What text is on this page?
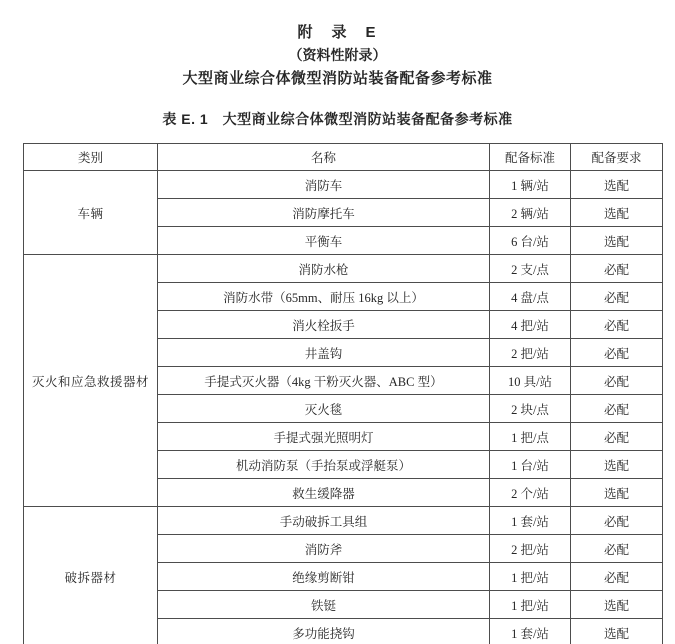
附　录　E
（资料性附录）
大型商业综合体微型消防站装备配备参考标准
表 E. 1　大型商业综合体微型消防站装备配备参考标准
类别	名称	配备标准	配备要求
车辆	消防车	1 辆/站	选配
	消防摩托车	2 辆/站	选配
	平衡车	6 台/站	选配
灭火和应急救援器材	消防水枪	2 支/点	必配
	消防水带（65mm、耐压 16kg 以上）	4 盘/点	必配
	消火栓扳手	4 把/站	必配
	井盖钩	2 把/站	必配
	手提式灭火器（4kg 干粉灭火器、ABC 型）	10 具/站	必配
	灭火毯	2 块/点	必配
	手提式强光照明灯	1 把/点	必配
	机动消防泵（手抬泵或浮艇泵）	1 台/站	选配
	救生缓降器	2 个/站	选配
破拆器材	手动破拆工具组	1 套/站	必配
	消防斧	2 把/站	必配
	绝缘剪断钳	1 把/站	必配
	铁铤	1 把/站	选配
	多功能挠钩	1 套/站	选配
